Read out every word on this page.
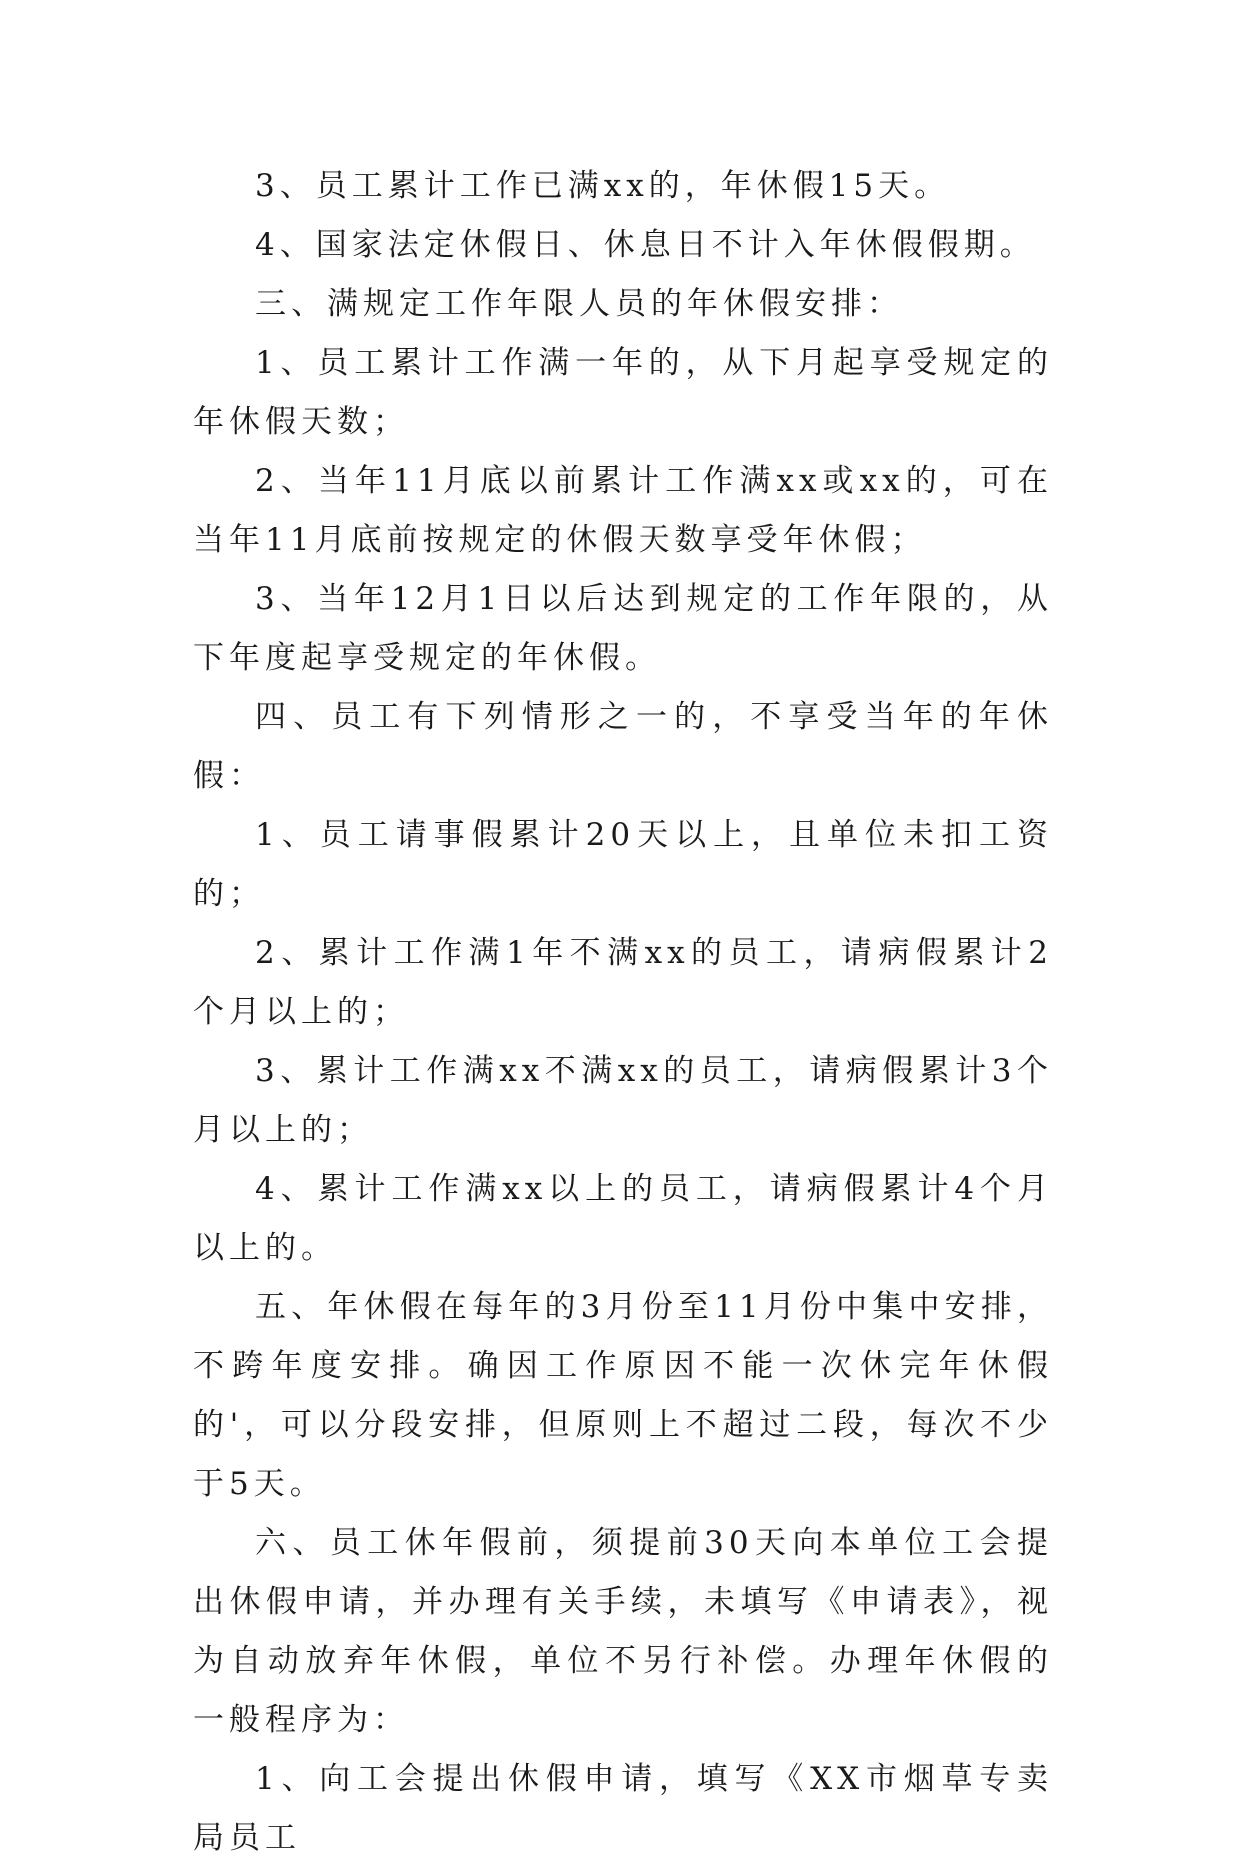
3、员工累计工作已满xx的，年休假15天。

4、国家法定休假日、休息日不计入年休假假期。

三、满规定工作年限人员的年休假安排：

1、员工累计工作满一年的，从下月起享受规定的年休假天数；

2、当年11月底以前累计工作满xx或xx的，可在当年11月底前按规定的休假天数享受年休假；

3、当年12月1日以后达到规定的工作年限的，从下年度起享受规定的年休假。

四、员工有下列情形之一的，不享受当年的年休假：

1、员工请事假累计20天以上，且单位未扣工资的；

2、累计工作满1年不满xx的员工，请病假累计2个月以上的；

3、累计工作满xx不满xx的员工，请病假累计3个月以上的；

4、累计工作满xx以上的员工，请病假累计4个月以上的。

五、年休假在每年的3月份至11月份中集中安排，不跨年度安排。确因工作原因不能一次休完年休假的'，可以分段安排，但原则上不超过二段，每次不少于5天。

六、员工休年假前，须提前30天向本单位工会提出休假申请，并办理有关手续，未填写《申请表》，视为自动放弃年休假，单位不另行补偿。办理年休假的一般程序为：

1、向工会提出休假申请，填写《XX市烟草专卖局员工
